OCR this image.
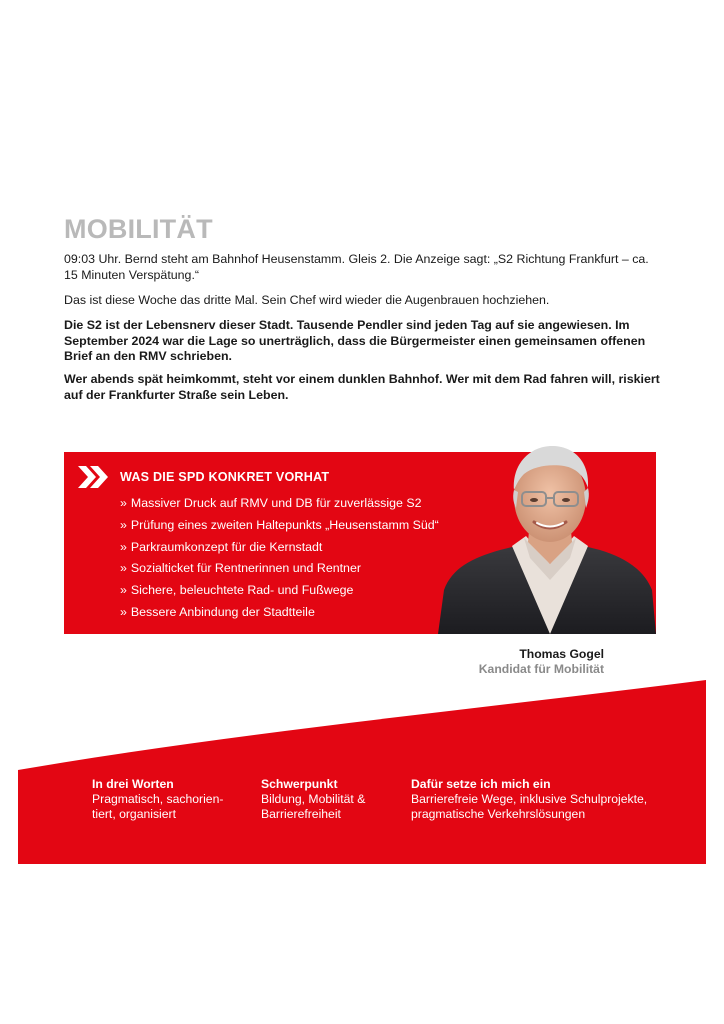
MOBILITÄT

09:03 Uhr. Bernd steht am Bahnhof Heusenstamm. Gleis 2. Die Anzeige sagt: „S2 Richtung Frankfurt – ca. 15 Minuten Verspätung.“

Das ist diese Woche das dritte Mal. Sein Chef wird wieder die Augenbrauen hochziehen.

Die S2 ist der Lebensnerv dieser Stadt. Tausende Pendler sind jeden Tag auf sie angewiesen. Im September 2024 war die Lage so unerträglich, dass die Bürgermeister einen gemeinsamen offenen Brief an den RMV schrieben.

Wer abends spät heimkommt, steht vor einem dunklen Bahnhof. Wer mit dem Rad fahren will, riskiert auf der Frankfurter Straße sein Leben.

WAS DIE SPD KONKRET VORHAT
» Massiver Druck auf RMV und DB für zuverlässige S2
» Prüfung eines zweiten Haltepunkts „Heusenstamm Süd“
» Parkraumkonzept für die Kernstadt
» Sozialticket für Rentnerinnen und Rentner
» Sichere, beleuchtete Rad- und Fußwege
» Bessere Anbindung der Stadtteile

Thomas Gogel

Kandidat für Mobilität

In drei Worten
Pragmatisch, sachorien-
tiert, organisiert
Schwerpunkt
Bildung, Mobilität &
Barrierefreiheit
Dafür setze ich mich ein
Barrierefreie Wege, inklusive Schulprojekte,
pragmatische Verkehrslösungen
